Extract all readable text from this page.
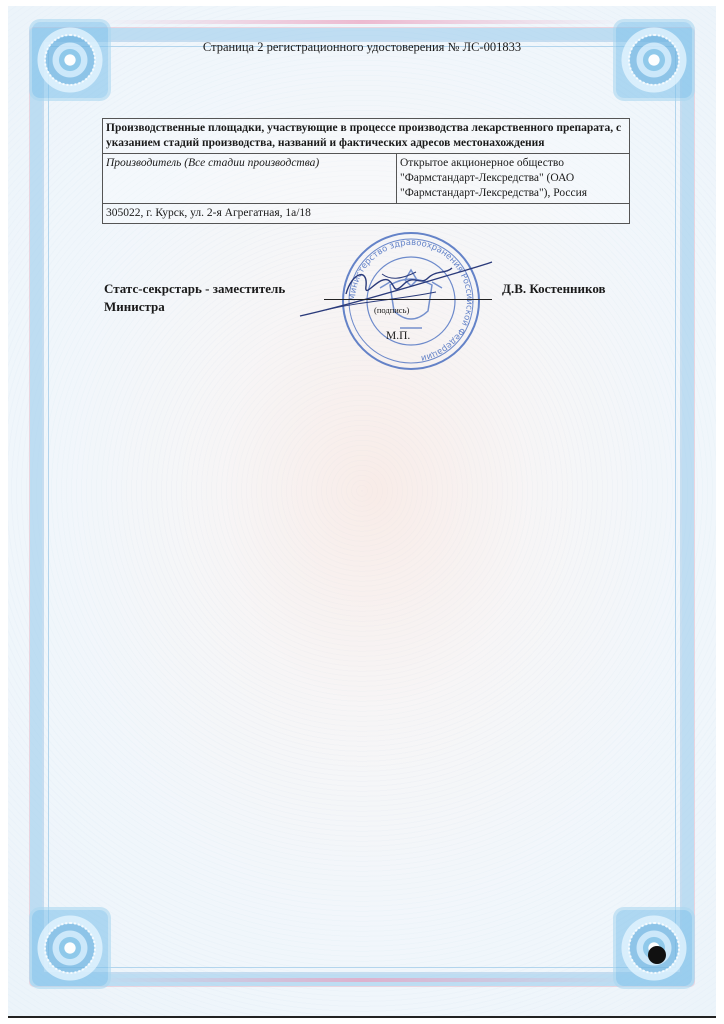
Страница 2 регистрационного удостоверения № ЛС-001833
Производственные площадки, участвующие в процессе производства лекарственного препарата, с указанием стадий производства, названий и фактических адресов местонахождения
Производитель (Все стадии производства)	Открытое акционерное общество "Фармстандарт-Лексредства" (ОАО "Фармстандарт-Лексредства"), Россия
305022, г. Курск, ул. 2-я Агрегатная, 1а/18
Министерство здравоохранения Российской Федерации
Статс-секрстарь - заместитель Министра	(подпись)
Д.В. Костенников
М.П.
